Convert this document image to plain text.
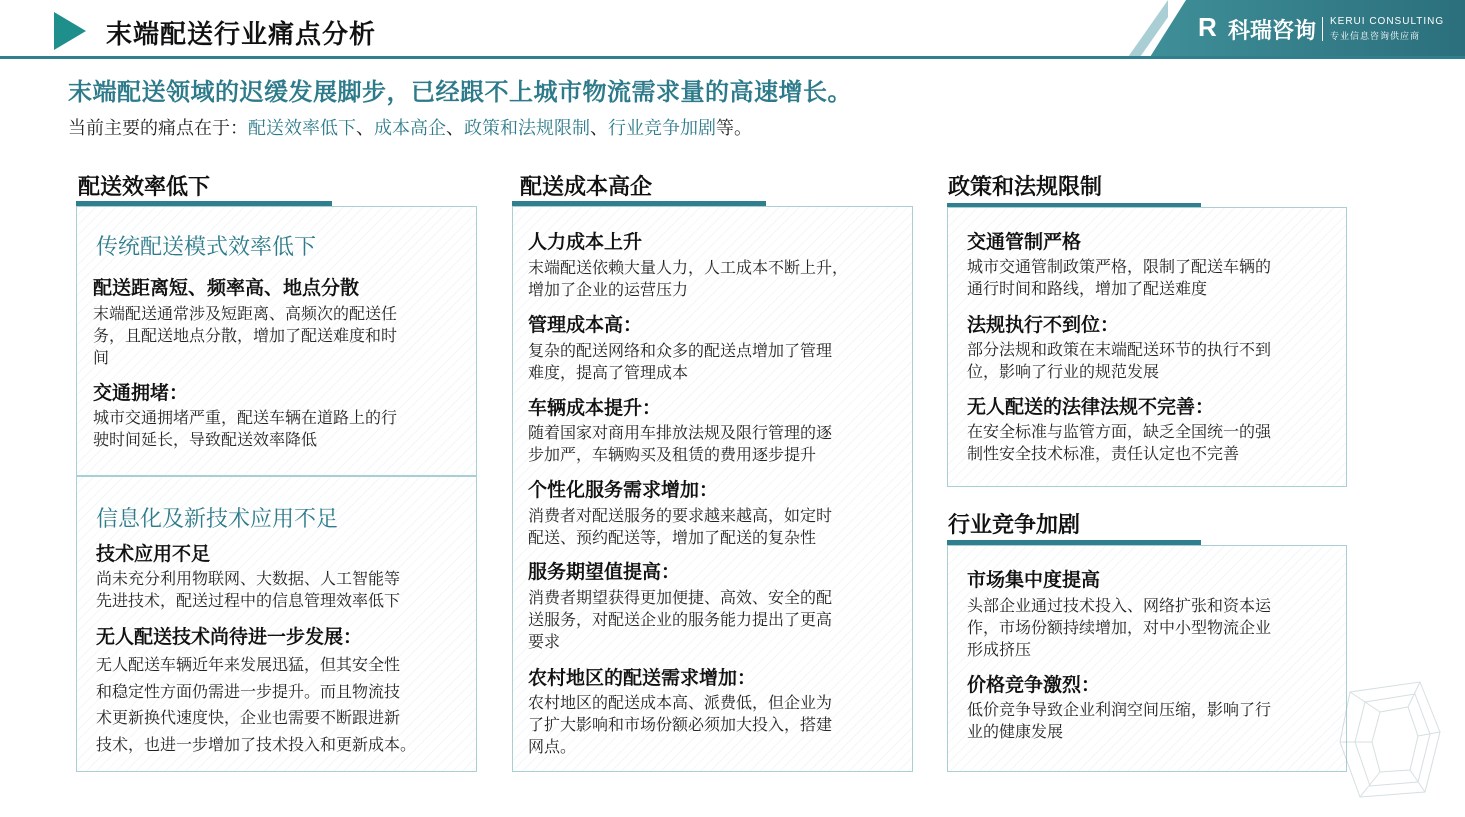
末端配送行业痛点分析	R 科瑞咨询 KERUI CONSULTING
专业信息咨询供应商
末端配送领域的迟缓发展脚步，已经跟不上城市物流需求量的高速增长。
当前主要的痛点在于：配送效率低下、成本高企、政策和法规限制、行业竞争加剧等。
配送效率低下
传统配送模式效率低下
配送距离短、频率高、地点分散
末端配送通常涉及短距离、高频次的配送任
务，且配送地点分散，增加了配送难度和时
间
交通拥堵：
城市交通拥堵严重，配送车辆在道路上的行
驶时间延长，导致配送效率降低
信息化及新技术应用不足
技术应用不足
尚未充分利用物联网、大数据、人工智能等
先进技术，配送过程中的信息管理效率低下
无人配送技术尚待进一步发展：
无人配送车辆近年来发展迅猛，但其安全性
和稳定性方面仍需进一步提升。而且物流技
术更新换代速度快，企业也需要不断跟进新
技术，也进一步增加了技术投入和更新成本。
配送成本高企
人力成本上升
末端配送依赖大量人力，人工成本不断上升，
增加了企业的运营压力
管理成本高：
复杂的配送网络和众多的配送点增加了管理
难度，提高了管理成本
车辆成本提升：
随着国家对商用车排放法规及限行管理的逐
步加严，车辆购买及租赁的费用逐步提升
个性化服务需求增加：
消费者对配送服务的要求越来越高，如定时
配送、预约配送等，增加了配送的复杂性
服务期望值提高：
消费者期望获得更加便捷、高效、安全的配
送服务，对配送企业的服务能力提出了更高
要求
农村地区的配送需求增加：
农村地区的配送成本高、派费低，但企业为
了扩大影响和市场份额必须加大投入，搭建
网点。
政策和法规限制
交通管制严格
城市交通管制政策严格，限制了配送车辆的
通行时间和路线，增加了配送难度
法规执行不到位：
部分法规和政策在末端配送环节的执行不到
位，影响了行业的规范发展
无人配送的法律法规不完善：
在安全标准与监管方面，缺乏全国统一的强
制性安全技术标准，责任认定也不完善
行业竞争加剧
市场集中度提高
头部企业通过技术投入、网络扩张和资本运
作，市场份额持续增加，对中小型物流企业
形成挤压
价格竞争激烈：
低价竞争导致企业利润空间压缩，影响了行
业的健康发展
